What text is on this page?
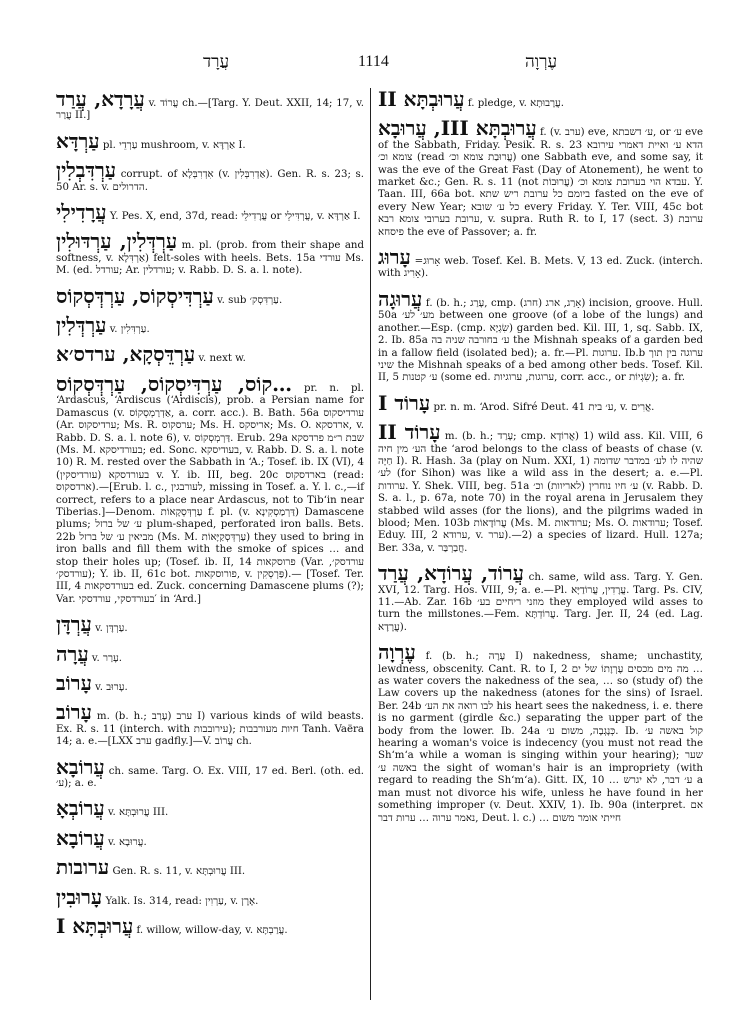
עֲרָד	1114	עֶרְוָה

עֲרָדָא, עֲרַד v. עֲרוֹד ch.—[Targ. Y. Deut. XXII, 14; 17, v. עֲרַר II.]

עַרְדָּא pl. עַרְדֵי mushroom, v. אַרְדָּא I.

עַרְדִּבְלִין corrupt. of אִדְרִבְּלָא (v. אַדְרִבְּלִין). Gen. R. s. 23; s. 50 Ar. s. v. הדרולים.

עֲרָדִילִי Y. Pes. X, end, 37d, read: עֲרָדִילֵי or עֲרְדִּילֵי, v. אַרְדָּא I.

עַרְדְּלִין, עַרְדּוּלִין m. pl. (prob. from their shape and softness, v. אַרְדִּלָא) felt-soles with heels. Bets. 15a עורדי Ms. M. (ed. עורדל; Ar. עורדלין; v. Rabb. D. S. a. l. note).

עַרְדִּיסְקוֹס, עַרְדְּסְקוֹס v. sub עַרְדִּסְק׳.

עַרְדְּלִין v. עַרְדִּלִין.

עַרְדֵּסְקָא, ערדס׳א v. next w.

…קוֹס, עַרְדִּיסְקוֹס, עַרְדְּסְקוֹס pr. n. pl. ʻArdascus, ʻArdiscus (ʻArdiscis), prob. a Persian name for Damascus (v. אַדְרַמְסְקוֹס, a. corr. acc.). B. Bath. 56a עורדיסקוס (Ar. ערדיסקוס; Ms. R. ערסקוס; Ms. H. אריסקס; Ms. O. ארדסקא, v. Rabb. D. S. a. l. note 6), v. דַּרְמְסְקוֹס. Erub. 29a שבת ר״מ פרדסקא (Ms. M. בעורדיסקא; ed. Sonc. בעודיסקא, v. Rabb. D. S. a. l. note 10) R. M. rested over the Sabbath in ʻA.; Tosef. ib. IX (VI), 4 בעורדסקא (עורדיסקין) v. Y. ib. III, beg. 20c בארדסקוס (read: ארדסקוס).—[Erub. l. c., לעורבגין, missing in Tosef. a. Y. l. c.,—if correct, refers to a place near Ardascus, not to Tibʻin near Tiberias.]—Denom. עַרְדְּסְקָאוֹת f. pl. (v. דַּרְמַסְקִינָא) Damascene plums; ע׳ של ברזל plum-shaped, perforated iron balls. Bets. 22b מביאין ע׳ של ברזל (Ms. M. עַרְדְּסְקַיָּאוֹת) they used to bring in iron balls and fill them with the smoke of spices … and stop their holes up; (Tosef. ib. II, 14 פרוסקאות (Var. עורדסק׳, עורדסק׳); Y. ib. II, 61c bot. פורוסקאות, v. פַּרְסְקִין).— [Tosef. Ter. III, 4 בעורדסקאות ed. Zuck. concerning Damascene plums (?); Var. בעורדסקי, עורדסקי′ in ʻArd.]

עֲרְדָּן v. עַרְדָּן.

עֲרָה v. עָרַר.

עָרוֹב v. עָרוּב.

עָרוֹב m. (b. h.; עָרַב) ערב I) various kinds of wild beasts. Ex. R. s. 11 (interch. with עירובבות); חיות מעורבבות Tanh. Vaëra 14; a. e.—[LXX ערב gadfly.]—V. עֲרוֹב ch.

עֲרוֹבָא ch. same. Targ. O. Ex. VIII, 17 ed. Berl. (oth. ed. ע׳); a. e.

עֲרוֹבְאָ v. עֲרוּבְתָּא III.

עֲרוֹבָא v. עֲרוּבָא.

ערובות Gen. R. s. 11, v. עֲרוּבְתָּא III.

עָרוּבִין Yalk. Is. 314, read: עַרְוִין, v. אֶרֶן.

עֲרוּבְתָּא I f. willow, willow-day, v. עֲרַבְתָּא.

עֲרוּבְתָּא II f. pledge, v. עֲרָבוּתָא.

עֲרוּבְתָּא III, עֲרוּבָא f. (v. ערב) eve, ע׳ דשבתא, or ע׳ eve of the Sabbath, Friday. Pesik. R. s. 23 הדא ע׳ ואיית דאמרי עירובא צומא וכ׳ (read עֲרוּבַת צומא וכ׳) one Sabbath eve, and some say, it was the eve of the Great Fast (Day of Atonement), he went to market &c.; Gen. R. s. 11 (not עֲרוּבוֹת) עבדא הוי בערובת צומא וכ׳. Y. Taan. III, 66a bot. ביומם כל ערובת ריש שתא fasted on the eve of every New Year; כל ע׳ שובא every Friday. Y. Ter. VIII, 45c bot ערובת בערובי צומא רבא, v. supra. Ruth R. to I, 17 (sect. 3) ערובת פיסחא the eve of Passover; a. fr.

עָרוּג =אָרוּג web. Tosef. Kel. B. Mets. V, 13 ed. Zuck. (interch. with אָרִיג).

עֲרוּגָה f. (b. h.; עָרַג, cmp. אָרַג, ארג (חרג)) incision, groove. Hull. 50a מע׳ לע׳ between one groove (of a lobe of the lungs) and another.—Esp. (cmp. שִׂגְיָא) garden bed. Kil. III, 1, sq. Sabb. IX, 2. Ib. 85a ע׳ בחורבה שניה בה the Mishnah speaks of a garden bed in a fallow field (isolated bed); a. fr.—Pl. ערוגות. Ib.b ערוגה בין תוך שיני the Mishnah speaks of a bed among other beds. Tosef. Kil. II, 5 ע׳ קטנות (some ed. ערוגות, ערוגיות, corr. acc., or שִׂגְיוֹת); a. fr.

עָרוֹד I pr. n. m. ʻArod. Sifré Deut. 41 ע׳ בית, v. אֲרִים.

עָרוֹד II m. (b. h.; עָרַד; cmp. אֲרוֹדָא) 1) wild ass. Kil. VIII, 6 הע׳ מין חיה the ʻarod belongs to the class of beasts of chase (v. חַיָּה I). R. Hash. 3a (play on Num. XXI, 1) שהיה לו לע׳ במדבר שדומה לע׳ (for Sihon) was like a wild ass in the desert; a. e.—Pl. ערודות. Y. Shek. VIII, beg. 51a ע׳ חיו נוחרין (לאריוות) וכ׳ (v. Rabb. D. S. a. l., p. 67a, note 70) in the royal arena in Jerusalem they stabbed wild asses (for the lions), and the pilgrims waded in blood; Men. 103b עֲרוֹדָאוֹת (Ms. M. ערודאות; Ms. O. ערודאות; Tosef. Eduy. III, 2 ערודא, v. ערר).—2) a species of lizard. Hull. 127a; Ber. 33a, v. חֲבַרְבַּר.

עֲרוֹד, עֲרוֹדָא, עֲרַד ch. same, wild ass. Targ. Y. Gen. XVI, 12. Targ. Hos. VIII, 9; a. e.—Pl. עֲרָדִין, עֲרוֹדַיָּא. Targ. Ps. CIV, 11.—Ab. Zar. 16b מוזני ריחיים בע׳ they employed wild asses to turn the millstones.—Fem. עֲרוֹדְתָּא. Targ. Jer. II, 24 (ed. Lag. עֲרָדָא).

עֶרְוָה f. (b. h.; עָרָה I) nakedness, shame; unchastity, lewdness, obscenity. Cant. R. to I, 2 מה מים מכסים עֶרְוָתוֹ של ים … as water covers the nakedness of the sea, … so (study of) the Law covers up the nakedness (atones for the sins) of Israel. Ber. 24b לבו רואה את הע׳ his heart sees the nakedness, i. e. there is no garment (girdle &c.) separating the upper part of the body from the lower. Ib. 24a כְּנָגְבָה, משום ע׳. Ib. קול באשה ע׳ hearing a woman's voice is indecency (you must not read the Shʻmʻa while a woman is singing within your hearing); שער באשה ע׳ the sight of woman's hair is an impropriety (with regard to reading the Shʻmʻa). Gitt. IX, 10 … ע׳ דבר, לא יגרש a man must not divorce his wife, unless he have found in her something improper (v. Deut. XXIV, 1). Ib. 90a (interpret. אם נאמר ערוה … ערות דבר, Deut. l. c.) … חייתי אומר משום
